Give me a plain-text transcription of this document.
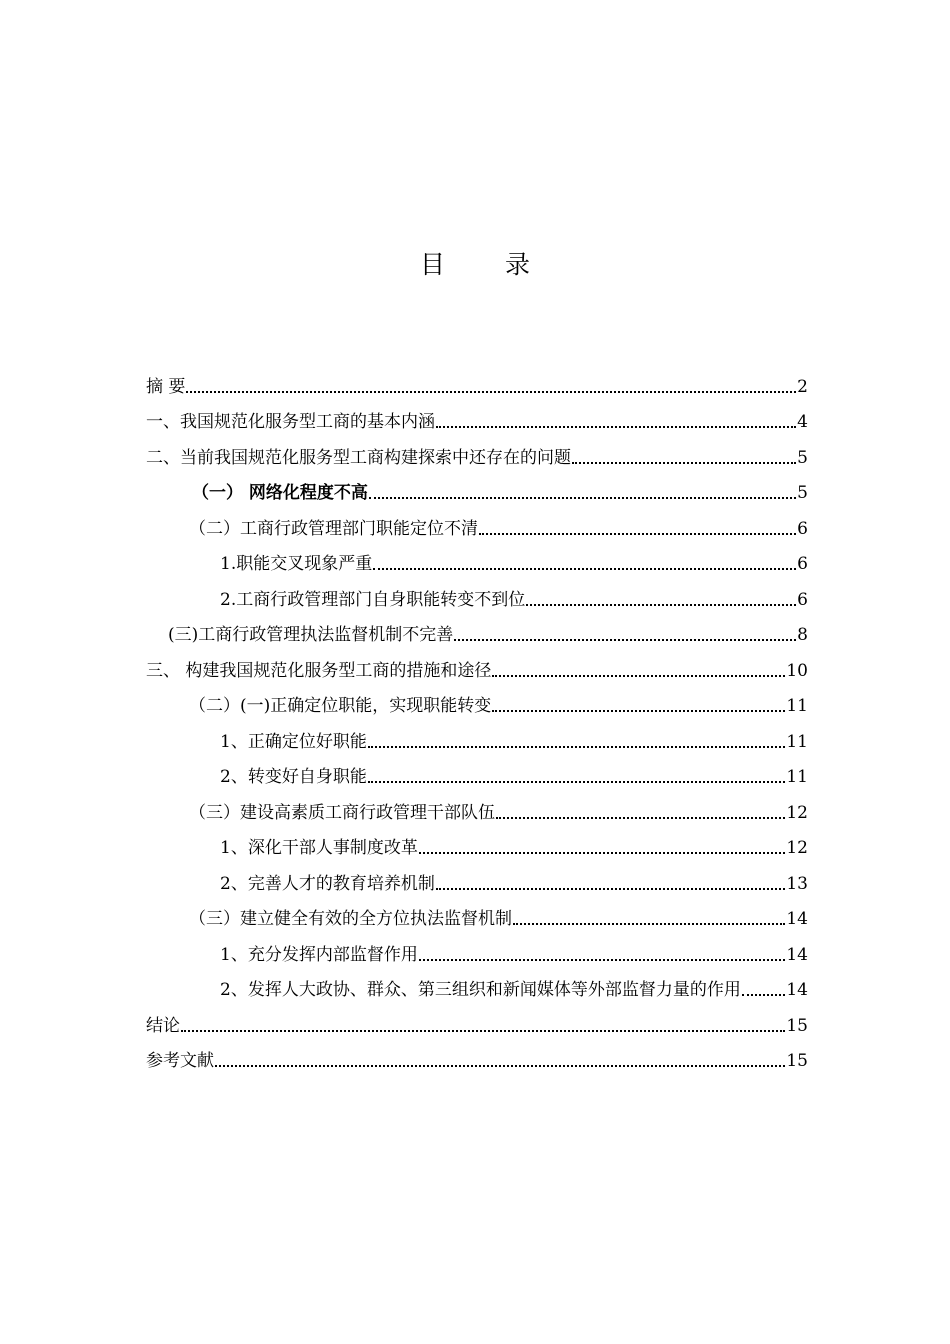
目 录
摘 要	2
一、我国规范化服务型工商的基本内涵	4
二、当前我国规范化服务型工商构建探索中还存在的问题	5
（一） 网络化程度不高	5
（二）工商行政管理部门职能定位不清	6
1.职能交叉现象严重	6
2.工商行政管理部门自身职能转变不到位	6
(三)工商行政管理执法监督机制不完善	8
三、 构建我国规范化服务型工商的措施和途径	10
（二）(一)正确定位职能，实现职能转变	11
1、正确定位好职能	11
2、转变好自身职能	11
（三）建设高素质工商行政管理干部队伍	12
1、深化干部人事制度改革	12
2、完善人才的教育培养机制	13
（三）建立健全有效的全方位执法监督机制	14
1、充分发挥内部监督作用	14
2、发挥人大政协、群众、第三组织和新闻媒体等外部监督力量的作用	14
结论	15
参考文献	15
